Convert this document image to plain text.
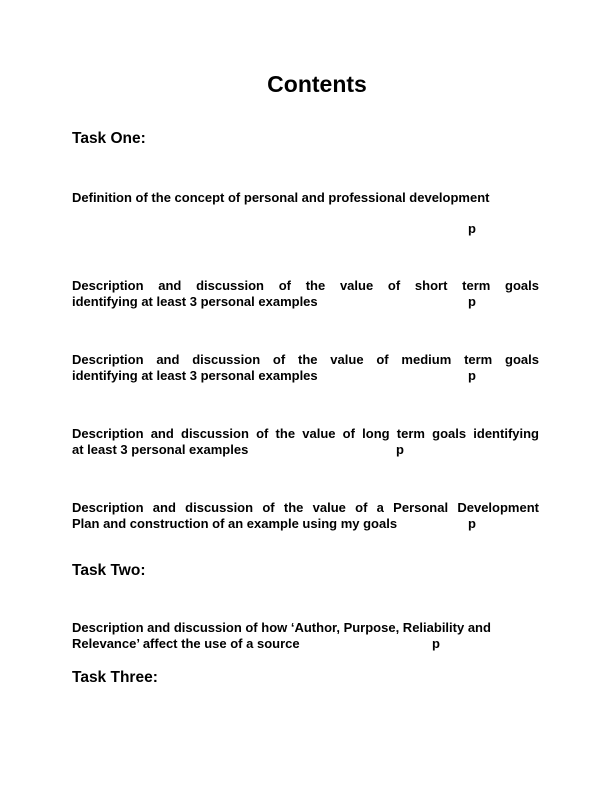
Contents
Task One:
Definition of the concept of personal and professional development
p
Description and discussion of the value of short term goals
identifying at least 3 personal examples	p
Description and discussion of the value of medium term goals
identifying at least 3 personal examples	p
Description and discussion of the value of long term goals identifying
at least 3 personal examples	p
Description and discussion of the value of a Personal Development
Plan and construction of an example using my goals	p
Task Two:
Description and discussion of how ‘Author, Purpose, Reliability and
Relevance’ affect the use of a source	p
Task Three:
